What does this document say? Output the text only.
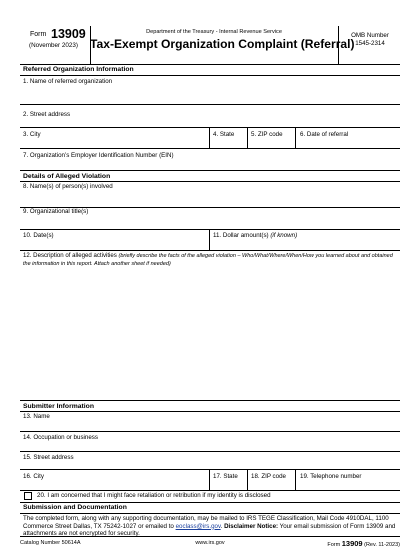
Form 13909
(November 2023)
Department of the Treasury - Internal Revenue Service
Tax-Exempt Organization Complaint (Referral)
OMB Number
1545-2314
Referred Organization Information
1. Name of referred organization
2. Street address
3. City	4. State	5. ZIP code	6. Date of referral
7. Organization’s Employer Identification Number (EIN)
Details of Alleged Violation
8. Name(s) of person(s) involved
9. Organizational title(s)
10. Date(s)	11. Dollar amount(s) (if known)
12. Description of alleged activities (briefly describe the facts of the alleged violation – Who/What/Where/When/How you learned about and obtained the information in this report. Attach another sheet if needed)
Submitter Information
13. Name
14. Occupation or business
15. Street address
16. City	17. State 18. ZIP code 19. Telephone number
20. I am concerned that I might face retaliation or retribution if my identity is disclosed
Submission and Documentation
The completed form, along with any supporting documentation, may be mailed to IRS TEGE Classification, Mail Code 4910DAL, 1100 Commerce Street Dallas, TX 75242-1027 or emailed to eoclass@irs.gov. Disclaimer Notice: Your email submission of Form 13909 and attachments are not encrypted for security.
Catalog Number 50614A	www.irs.gov	Form 13909 (Rev. 11-2023)
